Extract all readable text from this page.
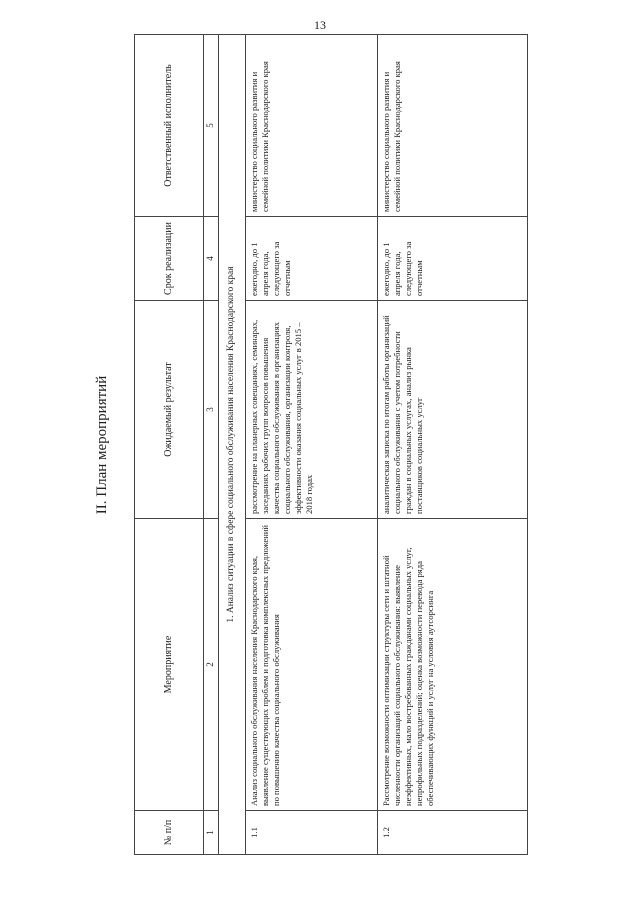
13
II. План мероприятий
№ п/п	Мероприятие	Ожидаемый результат	Срок реализации	Ответственный исполнитель
1	2	3	4	5
1. Анализ ситуации в сфере социального обслуживания населения Краснодарского края				
1.1	Анализ социального обслуживания населения Краснодарского края, выявление существующих проблем и подготовка комплексных предложений по повышению качества социального обслуживания	рассмотрение на планерных совещаниях, семинарах, заседаниях рабочих групп вопросов повышения качества социального обслуживания в организациях социального обслуживания, организации контроля, эффективности оказания социальных услуг в 2015 – 2018 годах	ежегодно, до 1 апреля года, следующего за отчетным	министерство социального развития и семейной политики Краснодарского края
1.2	Рассмотрение возможности оптимизации структуры сети и штатной численности организаций социального обслуживания: выявление неэффективных, мало востребованных гражданами социальных услуг, непрофильных подразделений; оценка возможности перевода ряда обеспечивающих функций и услуг на условия аутсорсинга	аналитическая записка по итогам работы организаций социального обслуживания с учетом потребности граждан в социальных услугах, анализ рынка поставщиков социальных услуг	ежегодно, до 1 апреля года, следующего за отчетным	министерство социального развития и семейной политики Краснодарского края
